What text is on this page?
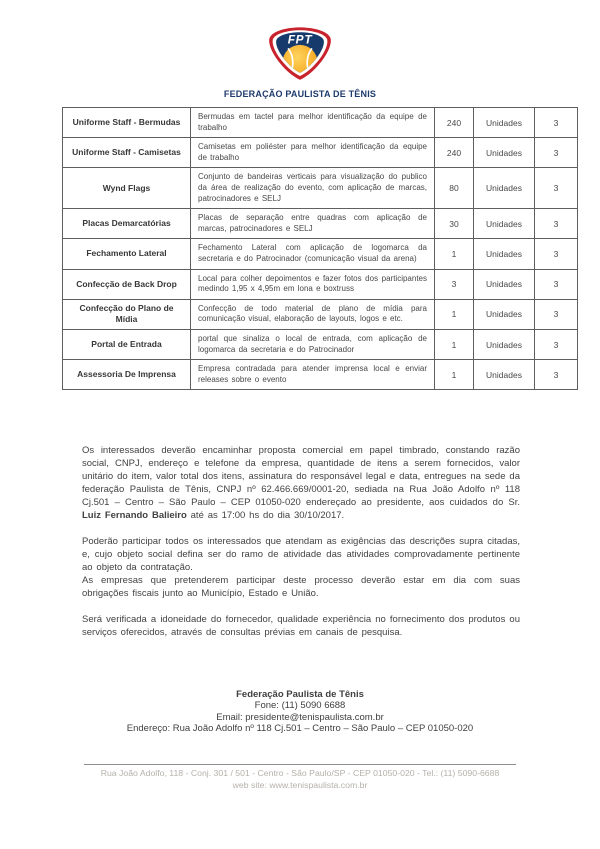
FPT
FEDERAÇÃO PAULISTA DE TÊNIS
Uniforme Staff - Bermudas	Bermudas em tactel para melhor identificação da equipe de trabalho	240	Unidades	3
Uniforme Staff - Camisetas	Camisetas em poliéster para melhor identificação da equipe de trabalho	240	Unidades	3
Wynd Flags	Conjunto de bandeiras verticais para visualização do publico da área de realização do evento, com aplicação de marcas, patrocinadores e SELJ	80	Unidades	3
Placas Demarcatórias	Placas de separação entre quadras com aplicação de marcas, patrocinadores e SELJ	30	Unidades	3
Fechamento Lateral	Fechamento Lateral com aplicação de logomarca da secretaria e do Patrocinador (comunicação visual da arena)	1	Unidades	3
Confecção de Back Drop	Local para colher depoimentos e fazer fotos dos participantes medindo 1,95 x 4,95m em lona e boxtruss	3	Unidades	3
Confecção do Plano de Mídia	Confecção de todo material de plano de mídia para comunicação visual, elaboração de layouts, logos e etc.	1	Unidades	3
Portal de Entrada	portal que sinaliza o local de entrada, com aplicação de logomarca da secretaria e do Patrocinador	1	Unidades	3
Assessoria De Imprensa	Empresa contradada para atender imprensa local e enviar releases sobre o evento	1	Unidades	3

Os interessados deverão encaminhar proposta comercial em papel timbrado, constando razão social, CNPJ, endereço e telefone da empresa, quantidade de itens a serem fornecidos, valor unitário do item, valor total dos itens, assinatura do responsável legal e data, entregues na sede da federação Paulista de Tênis, CNPJ nº 62.466.669/0001-20, sediada na Rua João Adolfo nº 118 Cj.501 – Centro – São Paulo – CEP 01050-020 endereçado ao presidente, aos cuidados do Sr. Luiz Fernando Balieiro até as 17:00 hs do dia 30/10/2017.

Poderão participar todos os interessados que atendam as exigências das descrições supra citadas, e, cujo objeto social defina ser do ramo de atividade das atividades comprovadamente pertinente ao objeto da contratação.

As empresas que pretenderem participar deste processo deverão estar em dia com suas obrigações fiscais junto ao Município, Estado e União.

Será verificada a idoneidade do fornecedor, qualidade experiência no fornecimento dos produtos ou serviços oferecidos, através de consultas prévias em canais de pesquisa.

Federação Paulista de Tênis
Fone: (11) 5090 6688
Email: presidente@tenispaulista.com.br
Endereço: Rua João Adolfo nº 118 Cj.501 – Centro – São Paulo – CEP 01050-020
Rua João Adolfo, 118 - Conj. 301 / 501 - Centro - São Paulo/SP - CEP 01050-020 - Tel.: (11) 5090-6688
web site: www.tenispaulista.com.br
